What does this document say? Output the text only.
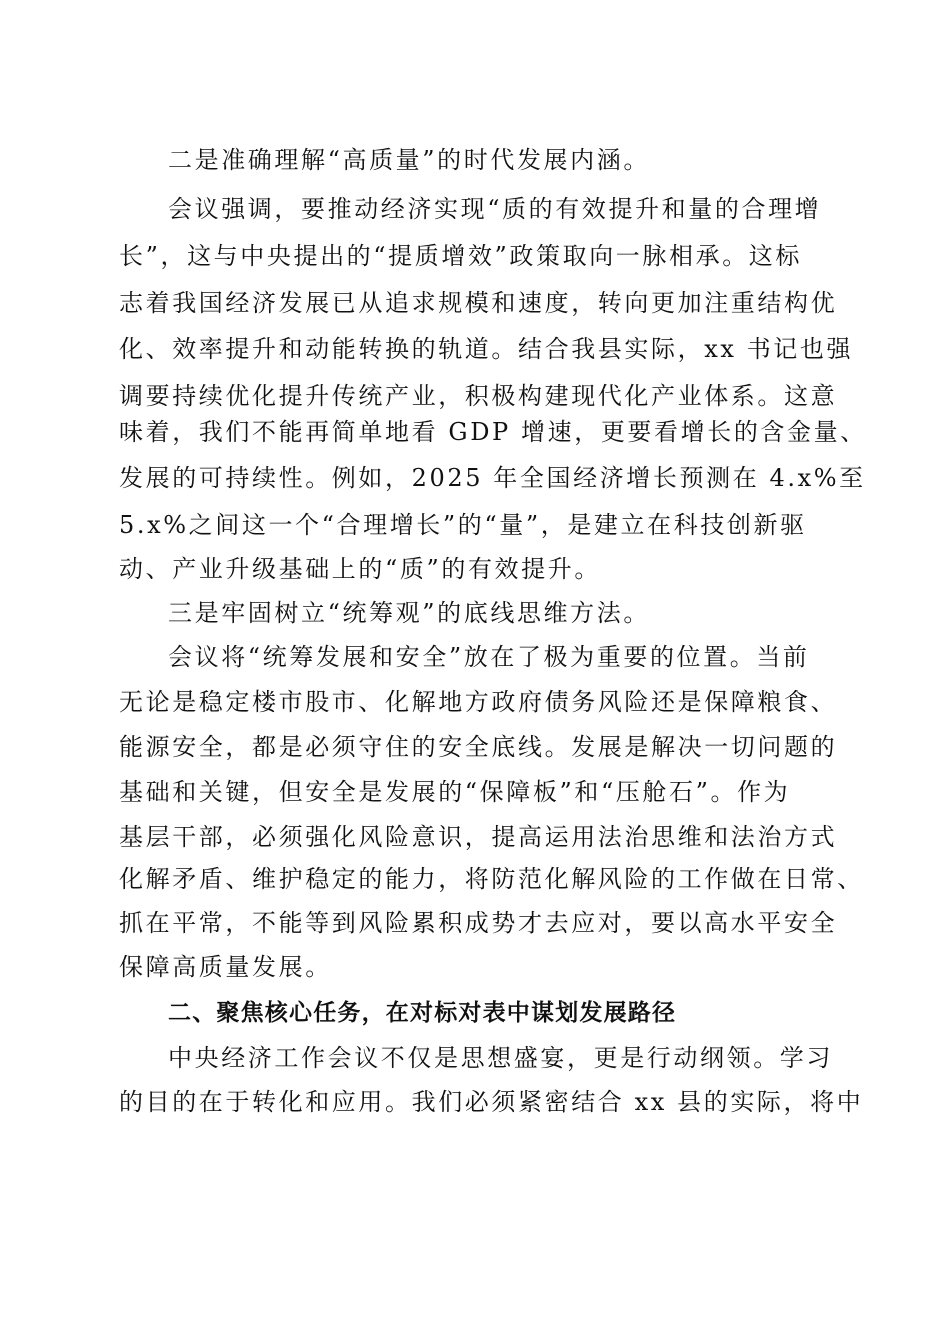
二是准确理解“高质量”的时代发展内涵。
会议强调，要推动经济实现“质的有效提升和量的合理增
长”，这与中央提出的“提质增效”政策取向一脉相承。这标
志着我国经济发展已从追求规模和速度，转向更加注重结构优
化、效率提升和动能转换的轨道。结合我县实际，xx 书记也强
调要持续优化提升传统产业，积极构建现代化产业体系。这意
味着，我们不能再简单地看 GDP 增速，更要看增长的含金量、
发展的可持续性。例如，2025 年全国经济增长预测在 4.x%至
5.x%之间这一个“合理增长”的“量”，是建立在科技创新驱
动、产业升级基础上的“质”的有效提升。
三是牢固树立“统筹观”的底线思维方法。
会议将“统筹发展和安全”放在了极为重要的位置。当前
无论是稳定楼市股市、化解地方政府债务风险还是保障粮食、
能源安全，都是必须守住的安全底线。发展是解决一切问题的
基础和关键，但安全是发展的“保障板”和“压舱石”。作为
基层干部，必须强化风险意识，提高运用法治思维和法治方式
化解矛盾、维护稳定的能力，将防范化解风险的工作做在日常、
抓在平常，不能等到风险累积成势才去应对，要以高水平安全
保障高质量发展。
二、聚焦核心任务，在对标对表中谋划发展路径
中央经济工作会议不仅是思想盛宴，更是行动纲领。学习
的目的在于转化和应用。我们必须紧密结合 xx 县的实际，将中
